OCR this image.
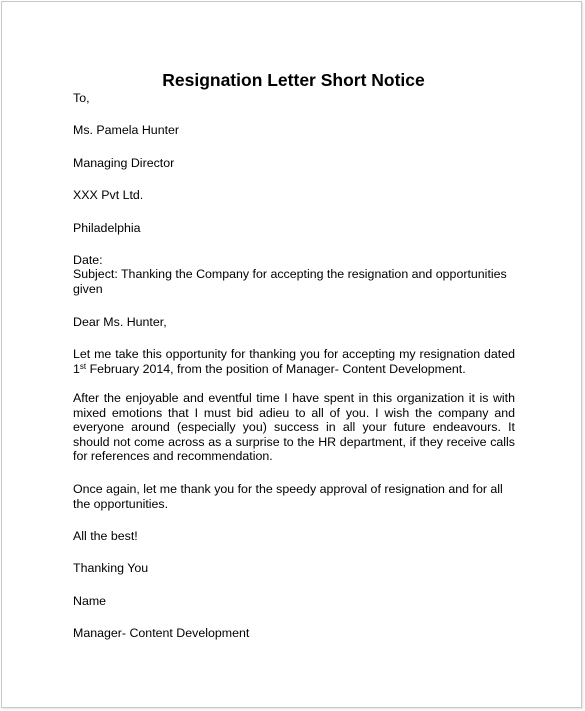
Resignation Letter Short Notice
To,
Ms. Pamela Hunter
Managing Director
XXX Pvt Ltd.
Philadelphia
Date:
Subject: Thanking the Company for accepting the resignation and opportunities given
Dear Ms. Hunter,
Let me take this opportunity for thanking you for accepting my resignation dated 1st February 2014, from the position of Manager- Content Development.
After the enjoyable and eventful time I have spent in this organization it is with mixed emotions that I must bid adieu to all of you. I wish the company and everyone around (especially you) success in all your future endeavours. It should not come across as a surprise to the HR department, if they receive calls for references and recommendation.
Once again, let me thank you for the speedy approval of resignation and for all the opportunities.
All the best!
Thanking You
Name
Manager- Content Development
